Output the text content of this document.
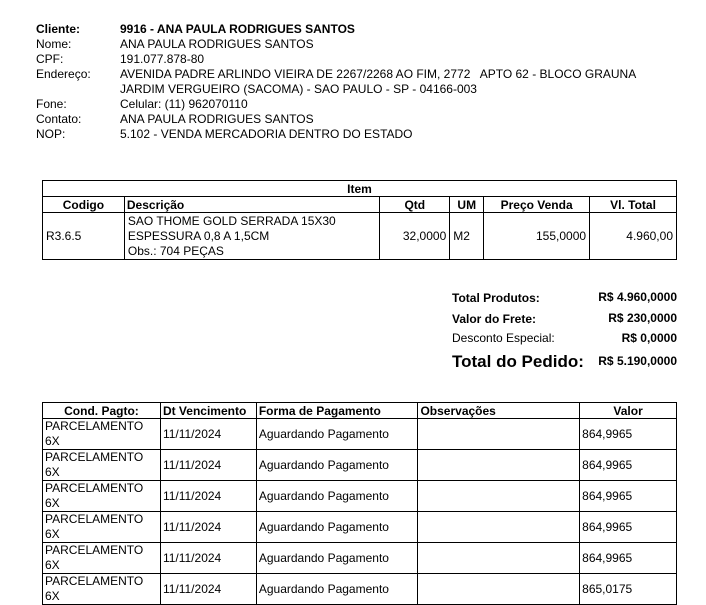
Cliente:	9916 - ANA PAULA RODRIGUES SANTOS
Nome:	ANA PAULA RODRIGUES SANTOS
CPF:	191.077.878-80
Endereço: AVENIDA PADRE ARLINDO VIEIRA DE 2267/2268 AO FIM, 2772   APTO 62 - BLOCO GRAUNA
JARDIM VERGUEIRO (SACOMA) - SAO PAULO - SP - 04166-003
Fone:	Celular: (11) 962070110
Contato:	ANA PAULA RODRIGUES SANTOS
NOP:	5.102 - VENDA MERCADORIA DENTRO DO ESTADO
Item					
Codigo	Descrição	Qtd	UM	Preço Venda	Vl. Total
R3.6.5	SAO THOME GOLD SERRADA 15X30
ESPESSURA 0,8 A 1,5CM
Obs.: 704 PEÇAS	32,0000	M2	155,0000	4.960,00
Total Produtos:	R$ 4.960,0000
Valor do Frete:	R$ 230,0000
Desconto Especial:	R$ 0,0000
Total do Pedido: R$ 5.190,0000
Cond. Pagto:	Dt Vencimento	Forma de Pagamento	Observações	Valor
PARCELAMENTO 6X	11/11/2024	Aguardando Pagamento		864,9965
PARCELAMENTO 6X	11/11/2024	Aguardando Pagamento		864,9965
PARCELAMENTO 6X	11/11/2024	Aguardando Pagamento		864,9965
PARCELAMENTO 6X	11/11/2024	Aguardando Pagamento		864,9965
PARCELAMENTO 6X	11/11/2024	Aguardando Pagamento		864,9965
PARCELAMENTO 6X	11/11/2024	Aguardando Pagamento		865,0175
